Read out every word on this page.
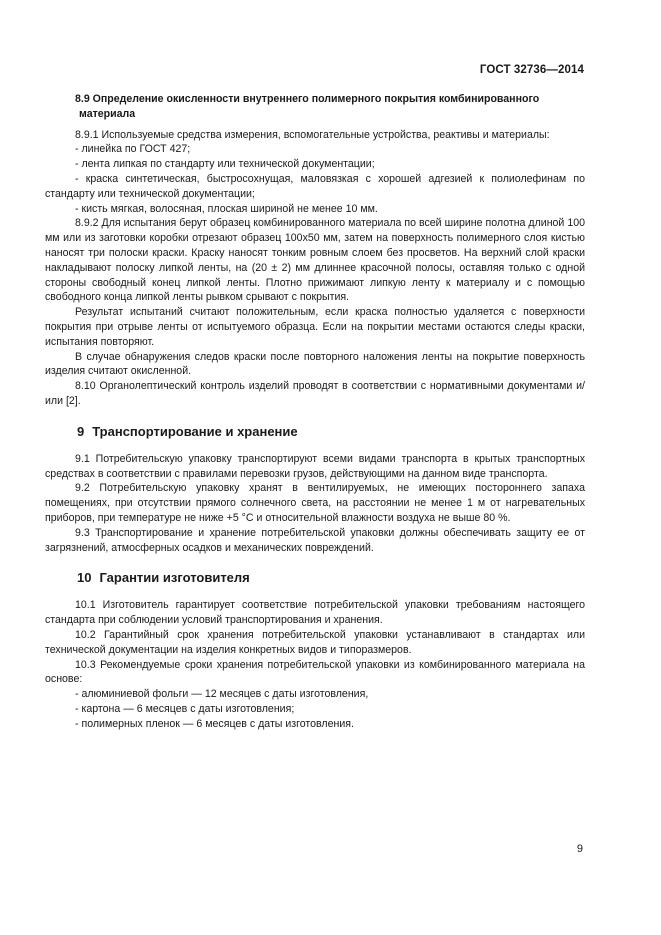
ГОСТ 32736—2014
8.9 Определение окисленности внутреннего полимерного покрытия комбинированного
материала

8.9.1 Используемые средства измерения, вспомогательные устройства, реактивы и материалы:

- линейка по ГОСТ 427;

- лента липкая по стандарту или технической документации;

- краска синтетическая, быстросохнущая, маловязкая с хорошей адгезией к полиолефинам по стандарту или технической документации;

- кисть мягкая, волосяная, плоская шириной не менее 10 мм.

8.9.2 Для испытания берут образец комбинированного материала по всей ширине полотна длиной 100 мм или из заготовки коробки отрезают образец 100х50 мм, затем на поверхность полимерного слоя кистью наносят три полоски краски. Краску наносят тонким ровным слоем без просветов. На верхний слой краски накладывают полоску липкой ленты, на (20 ± 2) мм длиннее красочной полосы, оставляя только с одной стороны свободный конец липкой ленты. Плотно прижимают липкую ленту к материалу и с помощью свободного конца липкой ленты рывком срывают с покрытия.

Результат испытаний считают положительным, если краска полностью удаляется с поверхности покрытия при отрыве ленты от испытуемого образца. Если на покрытии местами остаются следы краски, испытания повторяют.

В случае обнаружения следов краски после повторного наложения ленты на покрытие поверхность изделия считают окисленной.

8.10 Органолептический контроль изделий проводят в соответствии с нормативными документами и/или [2].

9 Транспортирование и хранение

9.1 Потребительскую упаковку транспортируют всеми видами транспорта в крытых транспортных средствах в соответствии с правилами перевозки грузов, действующими на данном виде транспорта.

9.2 Потребительскую упаковку хранят в вентилируемых, не имеющих постороннего запаха помещениях, при отсутствии прямого солнечного света, на расстоянии не менее 1 м от нагревательных приборов, при температуре не ниже +5 °С и относительной влажности воздуха не выше 80 %.

9.3 Транспортирование и хранение потребительской упаковки должны обеспечивать защиту ее от загрязнений, атмосферных осадков и механических повреждений.

10 Гарантии изготовителя

10.1 Изготовитель гарантирует соответствие потребительской упаковки требованиям настоящего стандарта при соблюдении условий транспортирования и хранения.

10.2 Гарантийный срок хранения потребительской упаковки устанавливают в стандартах или технической документации на изделия конкретных видов и типоразмеров.

10.3 Рекомендуемые сроки хранения потребительской упаковки из комбинированного материала на основе:

- алюминиевой фольги — 12 месяцев с даты изготовления,

- картона — 6 месяцев с даты изготовления;

- полимерных пленок — 6 месяцев с даты изготовления.

9
